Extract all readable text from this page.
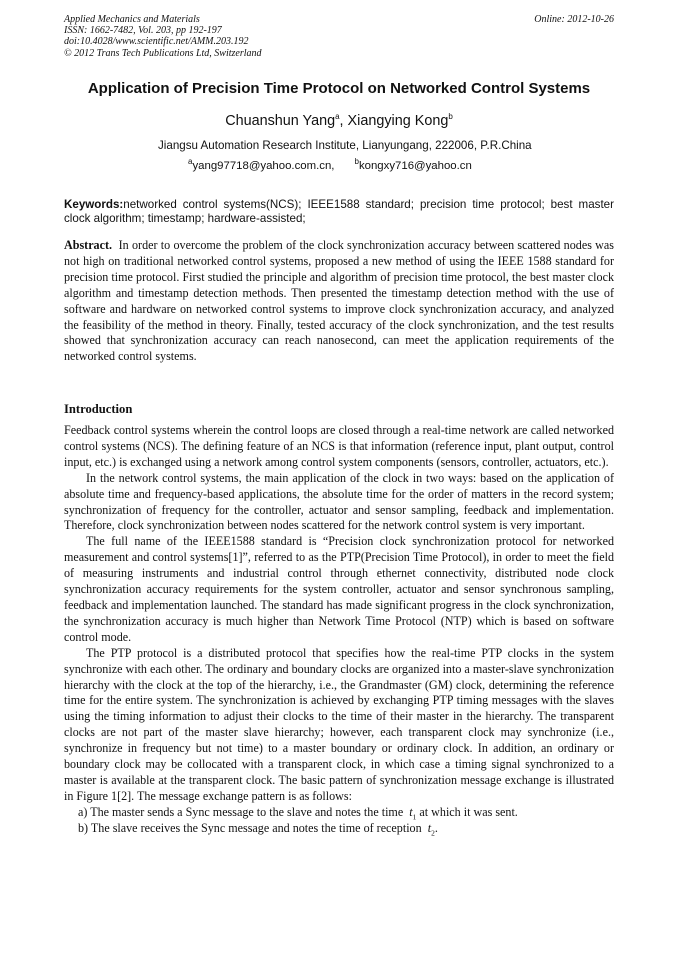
Applied Mechanics and Materials
ISSN: 1662-7482, Vol. 203, pp 192-197
doi:10.4028/www.scientific.net/AMM.203.192
© 2012 Trans Tech Publications Ltd, Switzerland
Online: 2012-10-26
Application of Precision Time Protocol on Networked Control Systems
Chuanshun Yang$^a$, Xiangying Kong$^b$
Jiangsu Automation Research Institute, Lianyungang, 222006, P.R.China
$^a$yang97718@yahoo.com.cn,	$^b$kongxy716@yahoo.cn
Keywords:networked control systems(NCS); IEEE1588 standard; precision time protocol; best master clock algorithm; timestamp; hardware-assisted;
Abstract. In order to overcome the problem of the clock synchronization accuracy between scattered nodes was not high on traditional networked control systems, proposed a new method of using the IEEE 1588 standard for precision time protocol. First studied the principle and algorithm of precision time protocol, the best master clock algorithm and timestamp detection methods. Then presented the timestamp detection method with the use of software and hardware on networked control systems to improve clock synchronization accuracy, and analyzed the feasibility of the method in theory. Finally, tested accuracy of the clock synchronization, and the test results showed that synchronization accuracy can reach nanosecond, can meet the application requirements of the networked control systems.
Introduction

Feedback control systems wherein the control loops are closed through a real-time network are called networked control systems (NCS). The defining feature of an NCS is that information (reference input, plant output, control input, etc.) is exchanged using a network among control system components (sensors, controller, actuators, etc.).

In the network control systems, the main application of the clock in two ways: based on the application of absolute time and frequency-based applications, the absolute time for the order of matters in the record system; synchronization of frequency for the controller, actuator and sensor sampling, feedback and implementation. Therefore, clock synchronization between nodes scattered for the network control system is very important.

The full name of the IEEE1588 standard is “Precision clock synchronization protocol for networked measurement and control systems[1]”, referred to as the PTP(Precision Time Protocol), in order to meet the field of measuring instruments and industrial control through ethernet connectivity, distributed node clock synchronization accuracy requirements for the system controller, actuator and sensor synchronous sampling, feedback and implementation launched. The standard has made significant progress in the clock synchronization, the synchronization accuracy is much higher than Network Time Protocol (NTP) which is based on software control mode.

The PTP protocol is a distributed protocol that specifies how the real-time PTP clocks in the system synchronize with each other. The ordinary and boundary clocks are organized into a master-slave synchronization hierarchy with the clock at the top of the hierarchy, i.e., the Grandmaster (GM) clock, determining the reference time for the entire system. The synchronization is achieved by exchanging PTP timing messages with the slaves using the timing information to adjust their clocks to the time of their master in the hierarchy. The transparent clocks are not part of the master slave hierarchy; however, each transparent clock may synchronize (i.e., synchronize in frequency but not time) to a master boundary or ordinary clock. In addition, an ordinary or boundary clock may be collocated with a transparent clock, in which case a timing signal synchronized to a master is available at the transparent clock. The basic pattern of synchronization message exchange is illustrated in Figure 1[2]. The message exchange pattern is as follows:

a) The master sends a Sync message to the slave and notes the time $t_1$ at which it was sent.

b) The slave receives the Sync message and notes the time of reception $t_2$.
